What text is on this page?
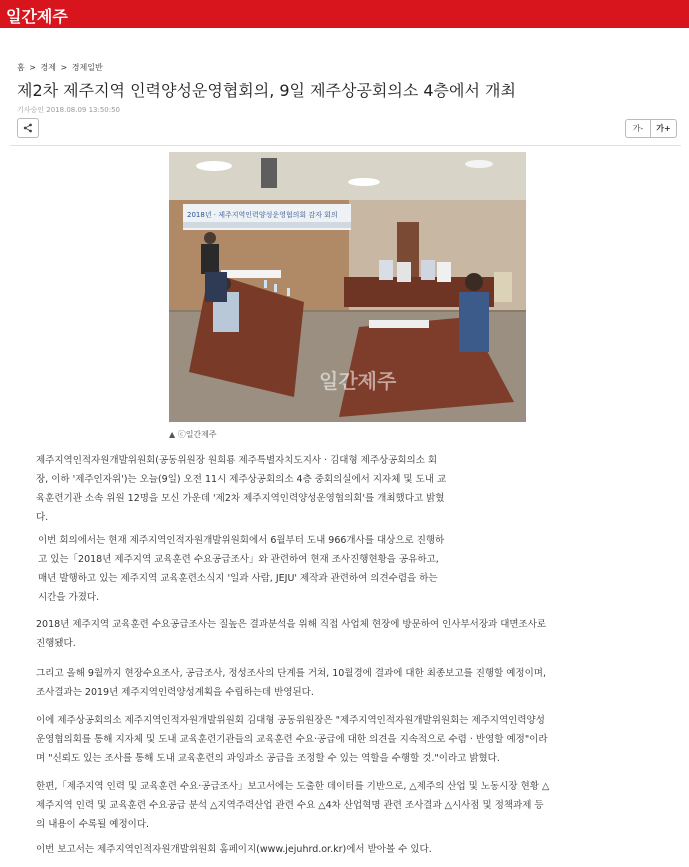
일간제주
홈 > 경제 > 경제일반
제2차 제주지역 인력양성운영협회의, 9일 제주상공회의소 4층에서 개최
기사승인 2018.08.09 13:50:50
가-	가+
2018년 · 제주지역인력양성운영협의회 감자 회의
일간제주
▲ ⓒ일간제주
제주지역인적자원개발위원회(공동위원장 원희룡 제주특별자치도지사 · 김대형 제주상공회의소 회
장, 이하 '제주인자위')는 오늘(9일) 오전 11시 제주상공회의소 4층 중회의실에서 지자체 및 도내 교
육훈련기관 소속 위원 12명을 모신 가운데 '제2차 제주지역인력양성운영협의회'를 개최했다고 밝혔
다.
이번 회의에서는 현재 제주지역인적자원개발위원회에서 6월부터 도내 966개사를 대상으로 진행하
고 있는「2018년 제주지역 교육훈련 수요공급조사」와 관련하여 현재 조사진행현황을 공유하고,
매년 발행하고 있는 제주지역 교육훈련소식지 '일과 사람, JEJU' 제작과 관련하여 의견수렴을 하는
시간을 가졌다.
2018년 제주지역 교육훈련 수요공급조사는 질높은 결과분석을 위해 직접 사업체 현장에 방문하여 인사부서장과 대면조사로
진행됐다.
그리고 올해 9월까지 현장수요조사, 공급조사, 정성조사의 단계를 거쳐, 10월경에 결과에 대한 최종보고를 진행할 예정이며,
조사결과는 2019년 제주지역인력양성계획을 수립하는데 반영된다.
이에 제주상공회의소 제주지역인적자원개발위원회 김대형 공동위원장은 "제주지역인적자원개발위원회는 제주지역인력양성
운영협의회를 통해 지자체 및 도내 교육훈련기관들의 교육훈련 수요·공급에 대한 의견을 지속적으로 수렴 · 반영할 예정"이라
며 "신뢰도 있는 조사를 통해 도내 교육훈련의 과잉과소 공급을 조정할 수 있는 역할을 수행할 것."이라고 밝혔다.
한편,「제주지역 인력 및 교육훈련 수요·공급조사」보고서에는 도출한 데이터를 기반으로, △제주의 산업 및 노동시장 현황 △
제주지역 인력 및 교육훈련 수요공급 분석 △지역주력산업 관련 수요 △4차 산업혁명 관련 조사결과 △시사점 및 정책과제 등
의 내용이 수록될 예정이다.
이번 보고서는 제주지역인적자원개발위원회 홈페이지(www.jejuhrd.or.kr)에서 받아볼 수 있다.
